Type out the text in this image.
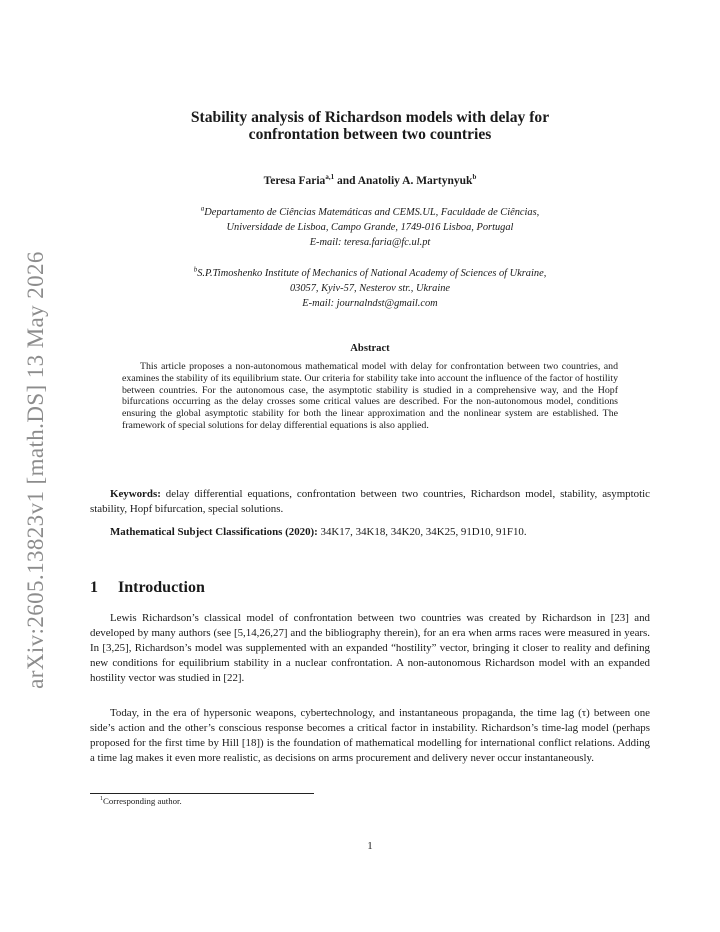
arXiv:2605.13823v1 [math.DS] 13 May 2026
Stability analysis of Richardson models with delay for
confrontation between two countries
Teresa Faria$^{a,1}$ and Anatoliy A. Martynyuk$^b$
$^a$Departamento de Ciências Matemáticas and CEMS.UL, Faculdade de Ciências,
Universidade de Lisboa, Campo Grande, 1749-016 Lisboa, Portugal
E-mail: teresa.faria@fc.ul.pt
$^b$S.P.Timoshenko Institute of Mechanics of National Academy of Sciences of Ukraine,
03057, Kyiv-57, Nesterov str., Ukraine
E-mail: journalndst@gmail.com
Abstract
This article proposes a non-autonomous mathematical model with delay for confrontation between two countries, and examines the stability of its equilibrium state. Our criteria for stability take into account the influence of the factor of hostility between countries. For the autonomous case, the asymptotic stability is studied in a comprehensive way, and the Hopf bifurcations occurring as the delay crosses some critical values are described. For the non-autonomous model, conditions ensuring the global asymptotic stability for both the linear approximation and the nonlinear system are established. The framework of special solutions for delay differential equations is also applied.
Keywords: delay differential equations, confrontation between two countries, Richardson model, stability, asymptotic stability, Hopf bifurcation, special solutions.
Mathematical Subject Classifications (2020): 34K17, 34K18, 34K20, 34K25, 91D10, 91F10.
1 Introduction
Lewis Richardson’s classical model of confrontation between two countries was created by Richardson in [23] and developed by many authors (see [5,14,26,27] and the bibliography therein), for an era when arms races were measured in years. In [3,25], Richardson’s model was supplemented with an expanded “hostility” vector, bringing it closer to reality and defining new conditions for equilibrium stability in a nuclear confrontation. A non-autonomous Richardson model with an expanded hostility vector was studied in [22].
Today, in the era of hypersonic weapons, cybertechnology, and instantaneous propaganda, the time lag (τ) between one side’s action and the other’s conscious response becomes a critical factor in instability. Richardson’s time-lag model (perhaps proposed for the first time by Hill [18]) is the foundation of mathematical modelling for international conflict relations. Adding a time lag makes it even more realistic, as decisions on arms procurement and delivery never occur instantaneously.
$^1$Corresponding author.
1
